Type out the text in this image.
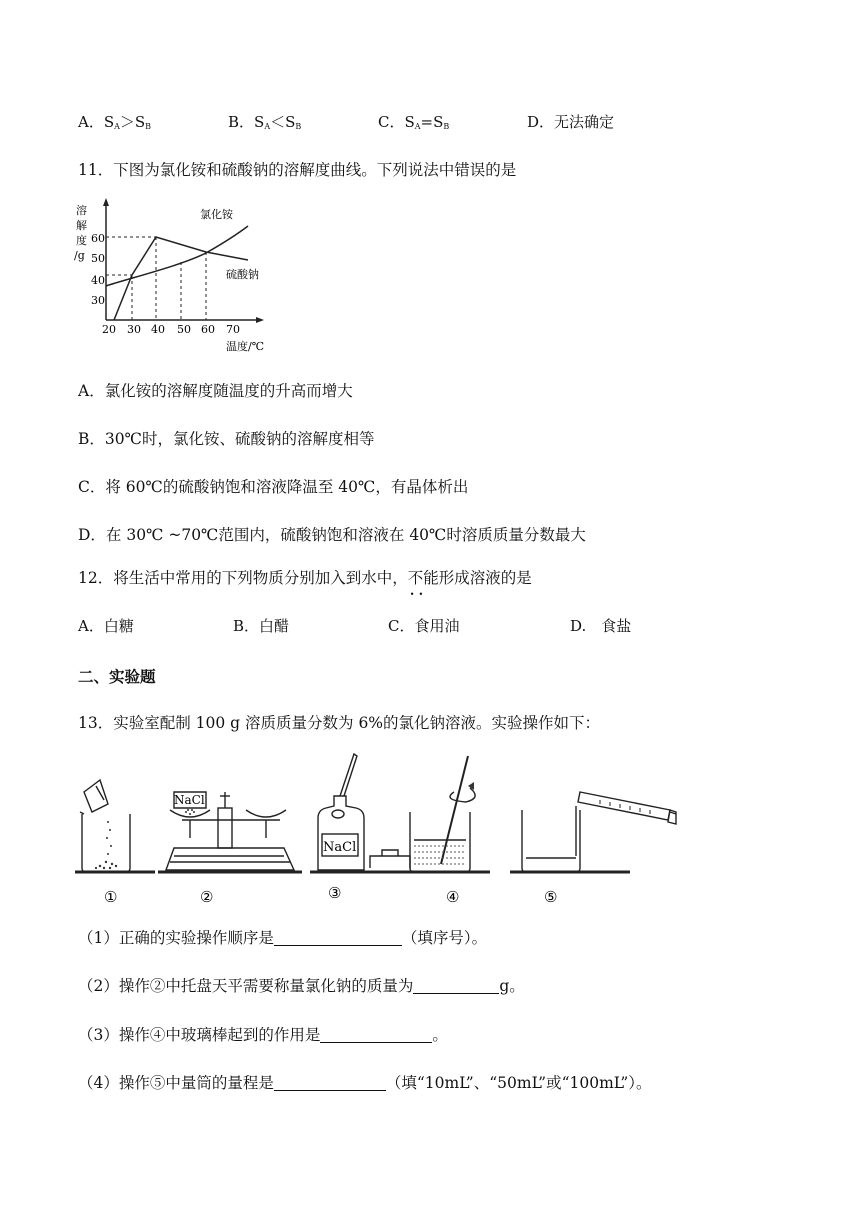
A．$S_A>S_B$	B．$S_A<S_B$	C．$S_A=S_B$	D．无法确定
11．下图为氯化铵和硫酸钠的溶解度曲线。下列说法中错误的是
溶
解
度
/g
60
50
40
30
20 30 40 50 60 70
温度/℃
氯化铵
硫酸钠
A．氯化铵的溶解度随温度的升高而增大
B．30℃时，氯化铵、硫酸钠的溶解度相等
C．将 60℃的硫酸钠饱和溶液降温至 40℃，有晶体析出
D．在 30℃ ~70℃范围内，硫酸钠饱和溶液在 40℃时溶质质量分数最大
12．将生活中常用的下列物质分别加入到水中，不能 ••形成溶液的是
A．白糖	B．白醋	C．食用油	D.　食盐
二、实验题
13．实验室配制 100 g 溶质质量分数为 6%的氯化钠溶液。实验操作如下：
NaCl
NaCl
①	②	③	④	⑤
（1）正确的实验操作顺序是	（填序号）。
（2）操作②中托盘天平需要称量氯化钠的质量为	g。
（3）操作④中玻璃棒起到的作用是	。
（4）操作⑤中量筒的量程是	（填“10mL”、“50mL”或“100mL”）。
